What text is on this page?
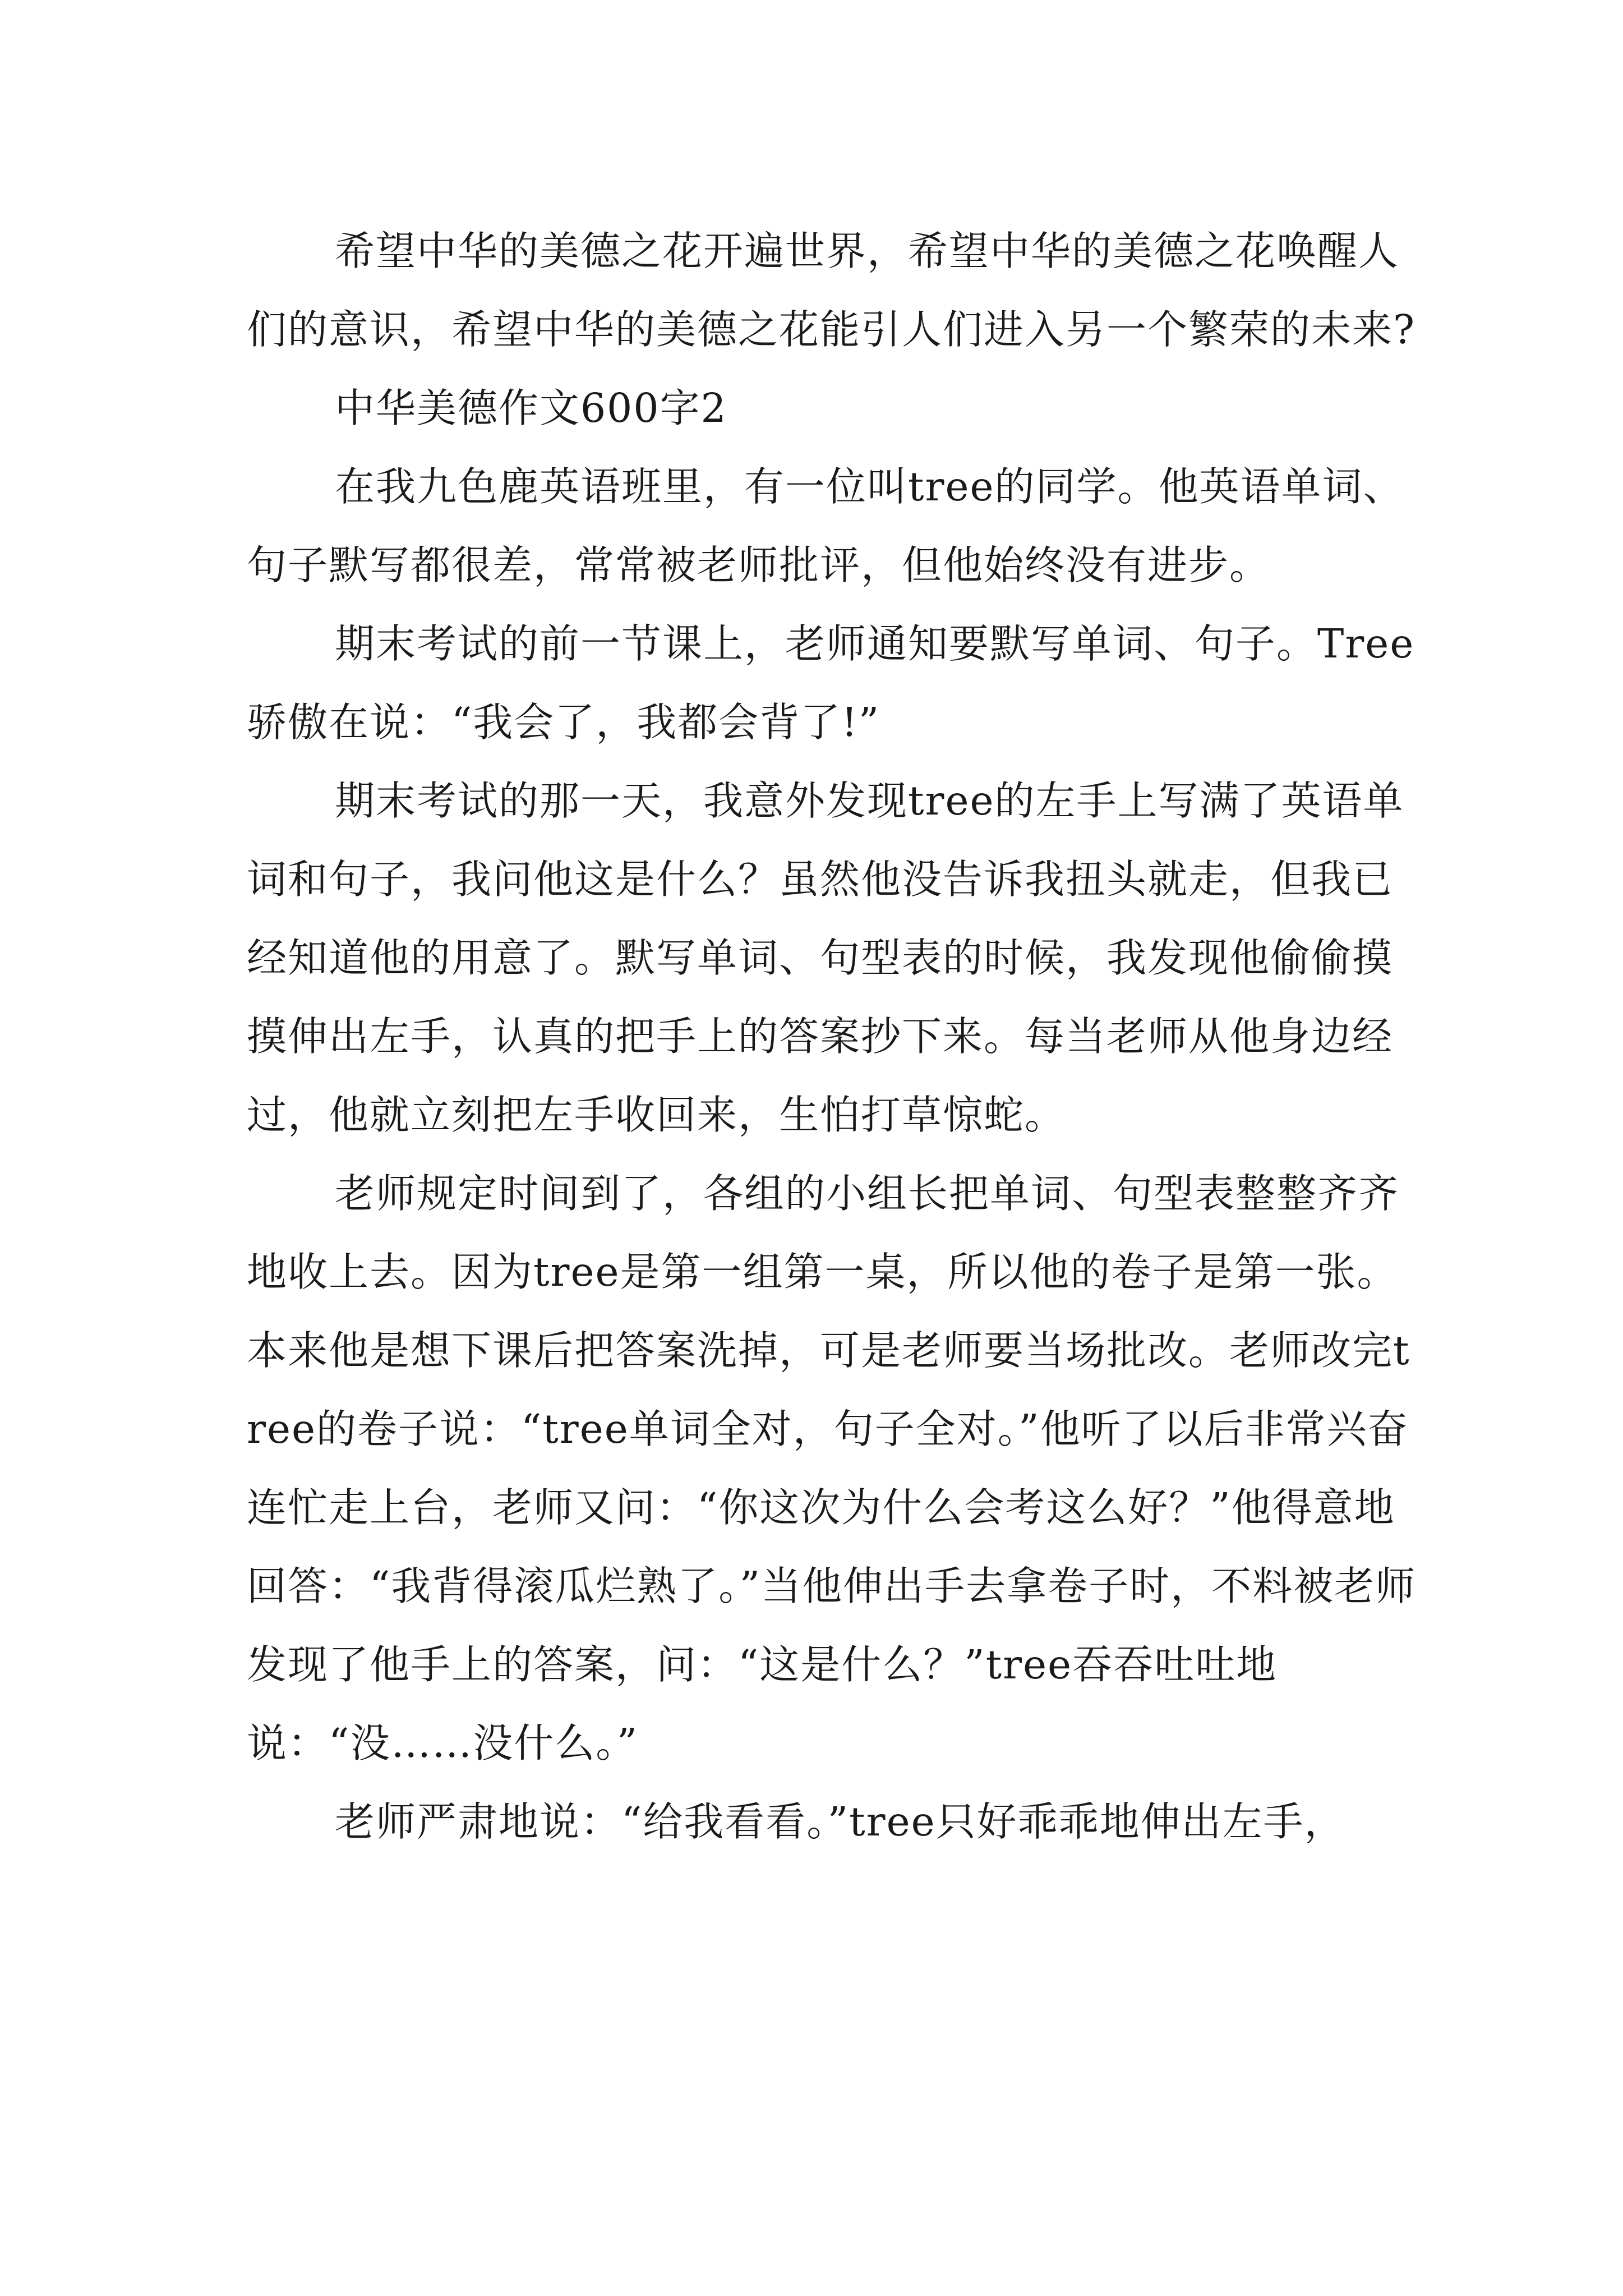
希望中华的美德之花开遍世界，希望中华的美德之花唤醒人们的意识，希望中华的美德之花能引人们进入另一个繁荣的未来?

中华美德作文600字2

在我九色鹿英语班里，有一位叫tree的同学。他英语单词、句子默写都很差，常常被老师批评，但他始终没有进步。

期末考试的前一节课上，老师通知要默写单词、句子。Tree骄傲在说：“我会了，我都会背了!”

期末考试的那一天，我意外发现tree的左手上写满了英语单词和句子，我问他这是什么？虽然他没告诉我扭头就走，但我已经知道他的用意了。默写单词、句型表的时候，我发现他偷偷摸摸伸出左手，认真的把手上的答案抄下来。每当老师从他身边经过，他就立刻把左手收回来，生怕打草惊蛇。

老师规定时间到了，各组的小组长把单词、句型表整整齐齐地收上去。因为tree是第一组第一桌，所以他的卷子是第一张。本来他是想下课后把答案洗掉，可是老师要当场批改。老师改完tree的卷子说：“tree单词全对，句子全对。”他听了以后非常兴奋连忙走上台，老师又问：“你这次为什么会考这么好？”他得意地回答：“我背得滚瓜烂熟了。”当他伸出手去拿卷子时，不料被老师发现了他手上的答案，问：“这是什么？”tree吞吞吐吐地说：“没……没什么。”

老师严肃地说：“给我看看。”tree只好乖乖地伸出左手，
